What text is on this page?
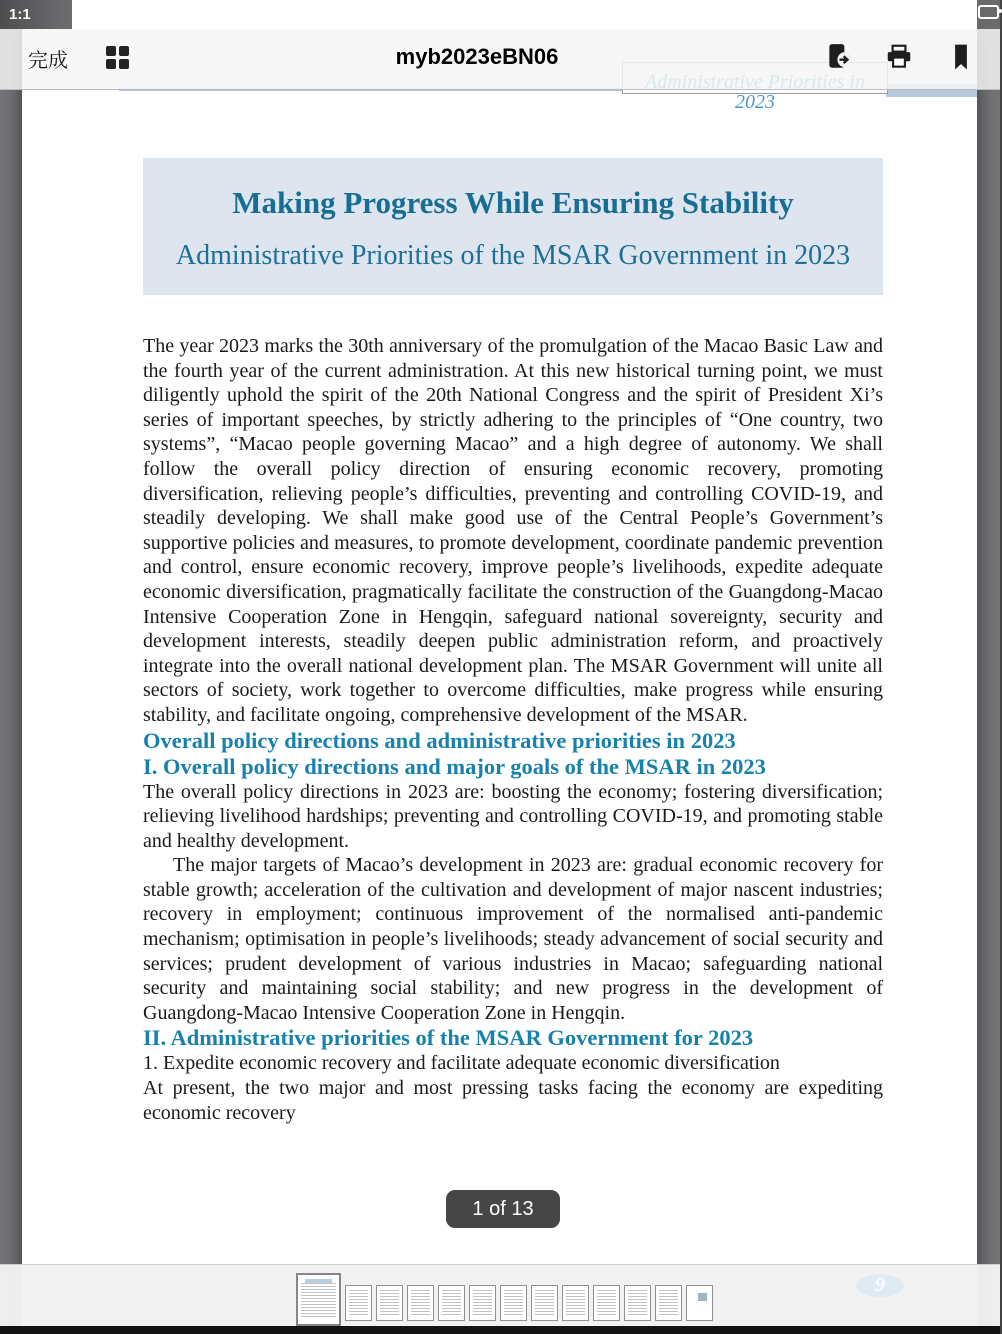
2023
Making Progress While Ensuring Stability
Administrative Priorities of the MSAR Government in 2023

The year 2023 marks the 30th anniversary of the promulgation of the Macao Basic Law and the fourth year of the current administration. At this new historical turning point, we must diligently uphold the spirit of the 20th National Congress and the spirit of President Xi’s series of important speeches, by strictly adhering to the principles of “One country, two systems”, “Macao people governing Macao” and a high degree of autonomy. We shall follow the overall policy direction of ensuring economic recovery, promoting diversification, relieving people’s difficulties, preventing and controlling COVID-19, and steadily developing. We shall make good use of the Central People’s Government’s supportive policies and measures, to promote development, coordinate pandemic prevention and control, ensure economic recovery, improve people’s livelihoods, expedite adequate economic diversification, pragmatically facilitate the construction of the Guangdong-Macao Intensive Cooperation Zone in Hengqin, safeguard national sovereignty, security and development interests, steadily deepen public administration reform, and proactively integrate into the overall national development plan. The MSAR Government will unite all sectors of society, work together to overcome difficulties, make progress while ensuring stability, and facilitate ongoing, comprehensive development of the MSAR.

Overall policy directions and administrative priorities in 2023
I. Overall policy directions and major goals of the MSAR in 2023

The overall policy directions in 2023 are: boosting the economy; fostering diversification; relieving livelihood hardships; preventing and controlling COVID-19, and promoting stable and healthy development.

The major targets of Macao’s development in 2023 are: gradual economic recovery for stable growth; acceleration of the cultivation and development of major nascent industries; recovery in employment; continuous improvement of the normalised anti-pandemic mechanism; optimisation in people’s livelihoods; steady advancement of social security and services; prudent development of various industries in Macao; safeguarding national security and maintaining social stability; and new progress in the development of Guangdong-Macao Intensive Cooperation Zone in Hengqin.

II. Administrative priorities of the MSAR Government for 2023

1. Expedite economic recovery and facilitate adequate economic diversification

At present, the two major and most pressing tasks facing the economy are expediting economic recovery

1:1
完成	myb2023eBN06
1 of 13
9
